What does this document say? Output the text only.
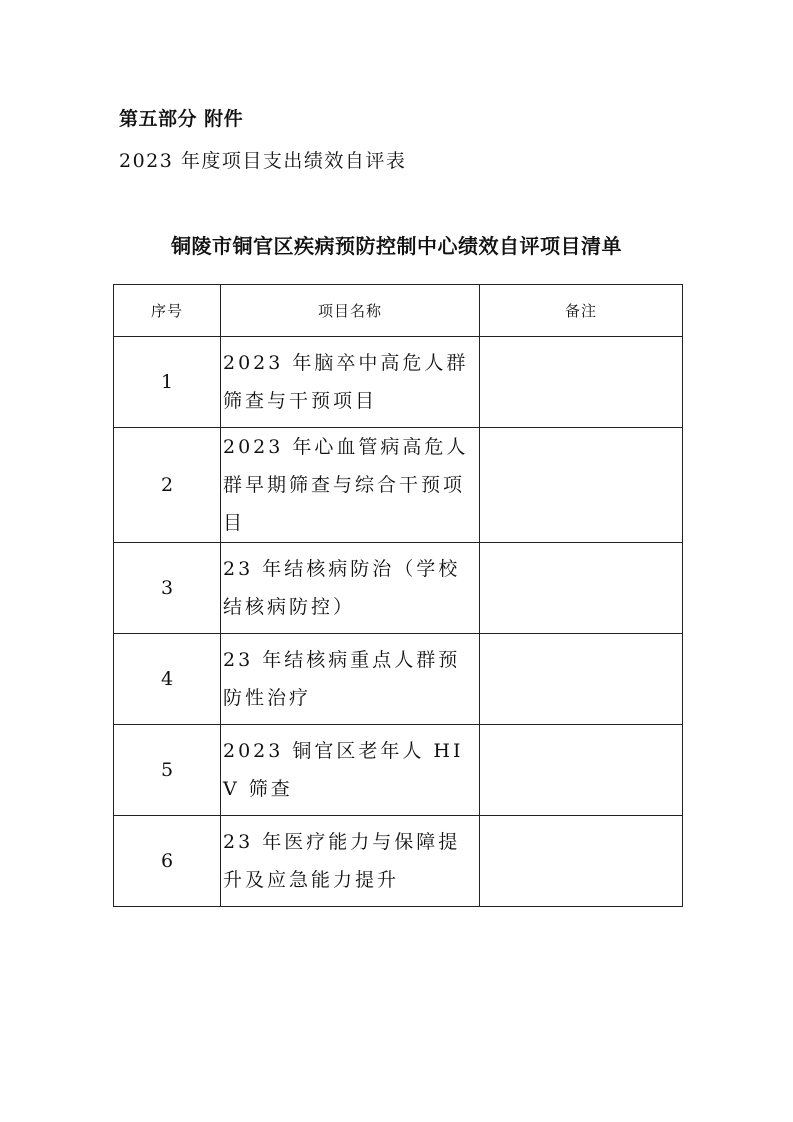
第五部分 附件

2023 年度项目支出绩效自评表

铜陵市铜官区疾病预防控制中心绩效自评项目清单
序号	项目名称	备注
1	2023 年脑卒中高危人群筛查与干预项目	
2	2023 年心血管病高危人群早期筛查与综合干预项目	
3	23 年结核病防治（学校结核病防控）	
4	23 年结核病重点人群预防性治疗	
5	2023 铜官区老年人 HIV 筛查	
6	23 年医疗能力与保障提升及应急能力提升	
